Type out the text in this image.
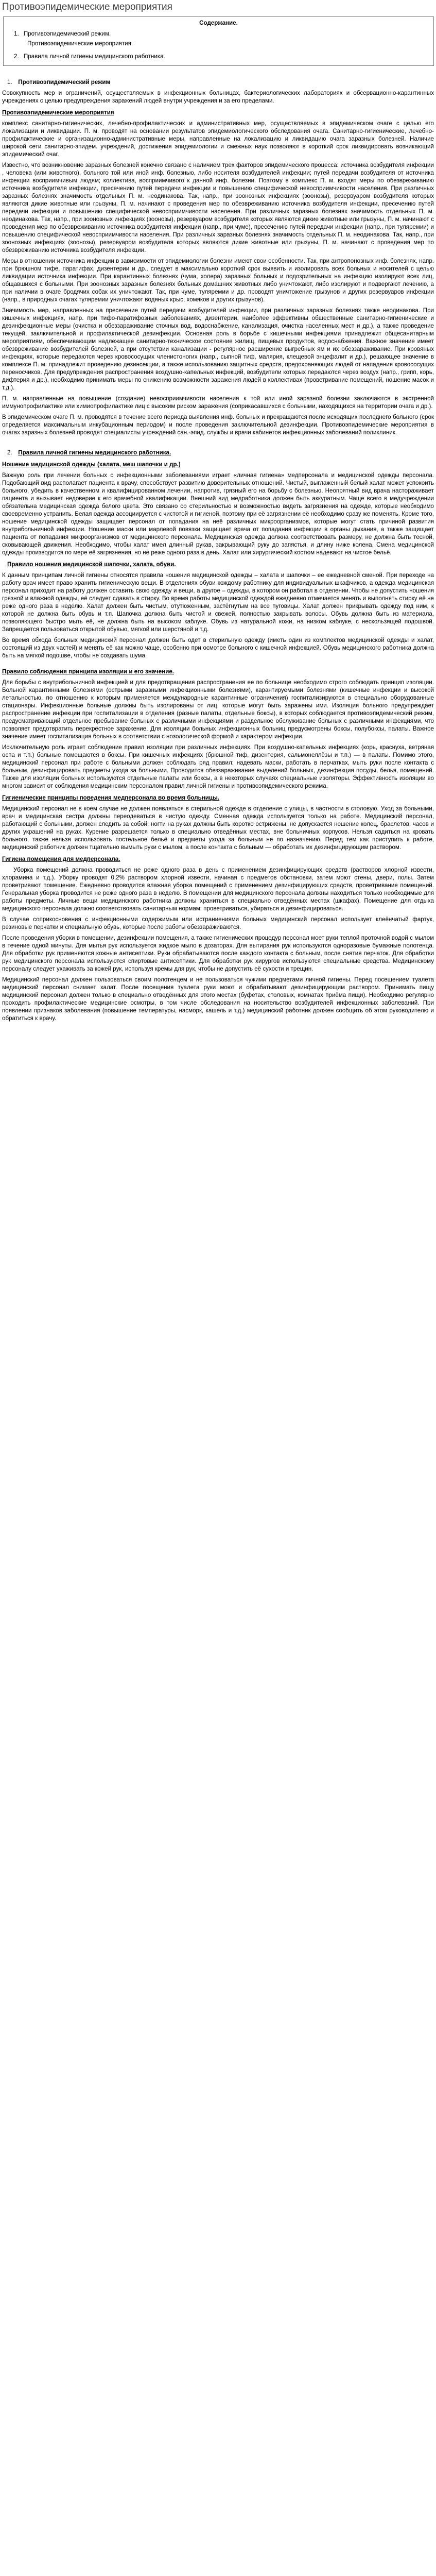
Противоэпидемические мероприятия
Содержание.
1. Противоэпидемический режим.
Противоэпидемические мероприятия.
2. Правила личной гигиены медицинского работника.
1. Противоэпидемический режим

Совокупность мер и ограничений, осуществляемых в инфекционных больницах, бактериологических лабораториях и обсервационно-карантинных учреждениях с целью предупреждения заражений людей внутри учреждения и за его пределами.

Противоэпидемические мероприятия

комплекс санитарно-гигиенических, лечебно-профилактических и административных мер, осуществляемых в эпидемическом очаге с целью его локализации и ликвидации. П. м. проводят на основании результатов эпидемиологического обследования очага. Санитарно-гигиенические, лечебно-профилактические и организационно-административные меры, направленные на локализацию и ликвидацию очага заразных болезней. Наличие широкой сети санитарно-эпидем. учреждений, достижения эпидемиологии и смежных наук позволяют в короткий срок ликвидировать возникающий эпидемический очаг.

Известно, что возникновение заразных болезней конечно связано с наличием трех факторов эпидемического процесса: источника возбудителя инфекции , человека (или животного), больного той или иной инф. болезнью, либо носителя возбудителей инфекции; путей передачи возбудителя от источника инфекции восприимчивым людям; коллектива, восприимчивого к данной инф. болезни. Поэтому в комплекс П. м. входят меры по обезвреживанию источника возбудителя инфекции, пресечению путей передачи инфекции и повышению специфической невосприимчивости населения. При различных заразных болезнях значимость отдельных П. м. неодинакова. Так, напр., при зоонозных инфекциях (зоонозы), резервуаром возбудителя которых являются дикие животные или грызуны, П. м. начинают с проведения мер по обезвреживанию источника возбудителя инфекции, пресечению путей передачи инфекции и повышению специфической невосприимчивости населения. При различных заразных болезнях значимость отдельных П. м. неодинакова. Так, напр., при зоонозных инфекциях (зоонозы), резервуаром возбудителя которых являются дикие животные или грызуны, П. м. начинают с проведения мер по обезвреживанию источника возбудителя инфекции (напр., при чуме), пресечению путей передачи инфекции (напр., при туляремии) и повышению специфической невосприимчивости населения. При различных заразных болезнях значимость отдельных П. м. неодинакова. Так, напр., при зоонозных инфекциях (зоонозы), резервуаром возбудителя которых являются дикие животные или грызуны, П. м. начинают с проведения мер по обезвреживанию источника возбудителя инфекции.

Меры в отношении источника инфекции в зависимости от эпидемиологии болезни имеют свои особенности. Так, при антропонозных инф. болезнях, напр. при брюшном тифе, паратифах, дизентерии и др., следует в максимально короткий срок выявить и изолировать всех больных и носителей с целью ликвидации источника инфекции. При карантинных болезнях (чума, холера) заразных больных и подозрительных на инфекцию изолируют всех лиц, общавшихся с больными. При зоонозных заразных болезнях больных домашних животных либо уничтожают, либо изолируют и подвергают лечению, а при наличии в очаге бродячих собак их уничтожают. Так, при чуме, туляремии и др. проводят уничтожение грызунов и других резервуаров инфекции (напр., в природных очагах туляремии уничтожают водяных крыс, хомяков и других грызунов).

Значимость мер, направленных на пресечение путей передачи возбудителей инфекции, при различных заразных болезнях также неодинакова. При кишечных инфекциях, напр. при тифо-паратифозных заболеваниях, дизентерии, наиболее эффективны общественные санитарно-гигиенические и дезинфекционные меры (очистка и обеззараживание сточных вод, водоснабжение, канализация, очистка населенных мест и др.), а также проведение текущей, заключительной и профилактической дезинфекции. Основная роль в борьбе с кишечными инфекциями принадлежит общесанитарным мероприятиям, обеспечивающим надлежащее санитарно-техническое состояние жилищ, пищевых продуктов, водоснабжения. Важное значение имеет обезвреживание возбудителей болезней, а при отсутствии канализации - регулярное расширение выгребных ям и их обеззараживание. При кровяных инфекциях, которые передаются через кровососущих членистоногих (напр., сыпной тиф, малярия, клещевой энцефалит и др.), решающее значение в комплексе П. м. принадлежит проведению дезинсекции, а также использованию защитных средств, предохраняющих людей от нападения кровососущих переносчиков. Для предупреждения распространения воздушно-капельных инфекций, возбудители которых передаются через воздух (напр., грипп, корь, дифтерия и др.), необходимо принимать меры по снижению возможности заражения людей в коллективах (проветривание помещений, ношение масок и т.д.).

П. м. направленные на повышение (создание) невосприимчивости населения к той или иной заразной болезни заключаются в экстренной иммунопрофилактике или химиопрофилактике лиц с высоким риском заражения (соприкасавшихся с больными, находящихся на территории очага и др.).

В эпидемическом очаге П. м. проводятся в течение всего периода выявления инф. больных и прекращаются после исходящих последнего больного (срок определяется максимальным инкубационным периодом) и после проведения заключительной дезинфекции. Противоэпидемические мероприятия в очагах заразных болезней проводят специалисты учреждений сан.-эпид. службы и врачи кабинетов инфекционных заболеваний поликлиник.

2. Правила личной гигиены медицинского работника.
Ношение медицинской одежды (халата, меш шапочки и др.)

Важную роль при лечении больных с инфекционными заболеваниями играет «личная гигиена» медперсонала и медицинской одежды персонала. Подобающий вид располагает пациента к врачу, способствует развитию доверительных отношений. Чистый, выглаженный белый халат может успокоить больного, убедить в качественном и квалифицированном лечении, напротив, грязный его на борьбу с болезнью. Неопрятный вид врача настораживает пациента и вызывает недоверие к его врачебной квалификации. Внешний вид медработника должен быть аккуратным. Чаще всего в медучреждении обязательна медицинская одежда белого цвета. Это связано со стерильностью и возможностью видеть загрязнения на одежде, которые необходимо своевременно устранить. Белая одежда ассоциируется с чистотой и гигиеной, поэтому при её загрязнении её необходимо сразу же поменять. Кроме того, ношение медицинской одежды защищает персонал от попадания на неё различных микроорганизмов, которые могут стать причиной развития внутрибольничной инфекции. Ношение маски или марлевой повязки защищает врача от попадания инфекции в органы дыхания, а также защищает пациента от попадания микроорганизмов от медицинского персонала. Медицинская одежда должна соответствовать размеру, не должна быть тесной, сковывающей движения. Необходимо, чтобы халат имел длинный рукав, закрывающий руку до запястья, и длину ниже колена. Смена медицинской одежды производится по мере её загрязнения, но не реже одного раза в день. Халат или хирургический костюм надевают на чистое бельё.

Правило ношения медицинской шапочки, халата, обуви.

К данным принципам личной гигиены относятся правила ношения медицинской одежды – халата и шапочки – ее ежедневной сменой. При переходе на работу врач имеет право хранить гигиеническую вещи. В отделениях обуви кождому работнику для индивидуальных шкафчиков, а одежда медицинская персонал приходит на работу должен оставить свою одежду и вещи, а другое – одежды, в котором он работал в отделении. Чтобы не допустить ношения грязной и влажной одежды, её следует сдавать в стирку. Во время работы медицинской одеждой ежедневно отмечается менять и выполнять стирку её не реже одного раза в неделю. Халат должен быть чистым, отутюженным, застёгнутым на все пуговицы. Халат должен прикрывать одежду под ним, к которой не должна быть обувь и т.п. Шапочка должна быть чистой и свежей, полностью закрывать волосы. Обувь должна быть из материала, позволяющего быстро мыть её, не должна быть на высоком каблуке. Обувь из натуральной кожи, на низком каблуке, с нескользящей подошвой. Запрещается пользоваться открытой обувью, мягкой или шерстяной и т.д.

Во время обхода больных медицинский персонал должен быть одет в стерильную одежду (иметь один из комплектов медицинской одежды и халат, состоящий из двух частей) и менять её как можно чаще, особенно при осмотре больного с кишечной инфекцией. Обувь медицинского работника должна быть на мягкой подошве, чтобы не создавать шума.

Правило соблюдения принципа изоляции и его значение.

Для борьбы с внутрибольничной инфекцией и для предотвращения распространения ее по больнице необходимо строго соблюдать принцип изоляции. Больной карантинными болезнями (острыми заразными инфекционными болезнями), карантируемыми болезнями (кишечные инфекции и высокой летальностью, по отношению к которым применяется международные карантинные ограничения) госпитализируются в специально оборудованные стационары. Инфекционные больные должны быть изолированы от лиц, которые могут быть заражены ими. Изоляция больного предупреждает распространение инфекции при госпитализации в отделения (разные палаты, отдельные боксы), в которых соблюдается противоэпидемический режим, предусматривающий отдельное пребывание больных с различными инфекциями и раздельное обслуживание больных с различными инфекциями, что позволяет предотвратить перекрёстное заражение. Для изоляции больных инфекционных больниц предусмотрены боксы, полубоксы, палаты. Важное значение имеет госпитализация больных в соответствии с нозологической формой и характером инфекции.

Исключительную роль играет соблюдение правил изоляции при различных инфекциях. При воздушно-капельных инфекциях (корь, краснуха, ветряная оспа и т.п.) больные помещаются в боксы. При кишечных инфекциях (брюшной тиф, дизентерия, сальмонеллёзы и т.п.) — в палаты. Помимо этого, медицинский персонал при работе с больными должен соблюдать ряд правил: надевать маски, работать в перчатках, мыть руки после контакта с больным, дезинфицировать предметы ухода за больными. Проводится обеззараживание выделений больных, дезинфекция посуды, белья, помещений. Также для изоляции больных используются отдельные палаты или боксы, а в некоторых случаях специальные изоляторы. Эффективность изоляции во многом зависит от соблюдения медицинским персоналом правил личной гигиены и противоэпидемического режима.

Гигиенические принципы поведения медперсонала во время больницы.

Медицинский персонал не в коем случае не должен появляться в стерильной одежде в отделение с улицы, в частности в столовую. Уход за больными, врач и медицинская сестра должны переодеваться в чистую одежду. Сменная одежда используется только на работе. Медицинский персонал, работающий с больными, должен следить за собой: ногти на руках должны быть коротко острижены, не допускается ношение колец, браслетов, часов и других украшений на руках. Курение разрешается только в специально отведённых местах, вне больничных корпусов. Нельзя садиться на кровать больного, также нельзя использовать постельное бельё и предметы ухода за больным не по назначению. Перед тем как приступить к работе, медицинский работник должен тщательно вымыть руки с мылом, а после контакта с больным — обработать их дезинфицирующим раствором.

Гигиена помещения для медперсонала.

Уборка помещений должна проводиться не реже одного раза в день с применением дезинфицирующих средств (растворов хлорной извести, хлорамина и т.д.). Уборку проводят 0,2% раствором хлорной извести, начиная с предметов обстановки, затем моют стены, двери, полы. Затем проветривают помещение. Ежедневно проводится влажная уборка помещений с применением дезинфицирующих средств, проветривание помещений. Генеральная уборка проводится не реже одного раза в неделю. В помещении для медицинского персонала должны находиться только необходимые для работы предметы. Личные вещи медицинского работника должны храниться в специально отведённых местах (шкафах). Помещение для отдыха медицинского персонала должно соответствовать санитарным нормам: проветриваться, убираться и дезинфицироваться.

В случае соприкосновения с инфекционными содержимым или истраниениями больных медицинский персонал использует клеёнчатый фартук, резиновые перчатки и специальную обувь, которые после работы обеззараживаются.

После проведения уборки в помещении, дезинфекции помещения, а также гигиенических процедур персонал моет руки теплой проточной водой с мылом в течение одной минуты. Для мытья рук используется жидкое мыло в дозаторах. Для вытирания рук используются одноразовые бумажные полотенца. Для обработки рук применяются кожные антисептики. Руки обрабатываются после каждого контакта с больным, после снятия перчаток. Для обработки рук медицинского персонала используются спиртовые антисептики. Для обработки рук хирургов используются специальные средства. Медицинскому персоналу следует ухаживать за кожей рук, используя кремы для рук, чтобы не допустить её сухости и трещин.

Медицинский персонал должен пользоваться своим полотенцем и не пользоваться чужими предметами личной гигиены. Перед посещением туалета медицинский персонал снимает халат. После посещения туалета руки моют и обрабатывают дезинфицирующим раствором. Принимать пищу медицинский персонал должен только в специально отведённых для этого местах (буфетах, столовых, комнатах приёма пищи). Необходимо регулярно проходить профилактические медицинские осмотры, в том числе обследования на носительство возбудителей инфекционных заболеваний. При появлении признаков заболевания (повышение температуры, насморк, кашель и т.д.) медицинский работник должен сообщить об этом руководителю и обратиться к врачу.
